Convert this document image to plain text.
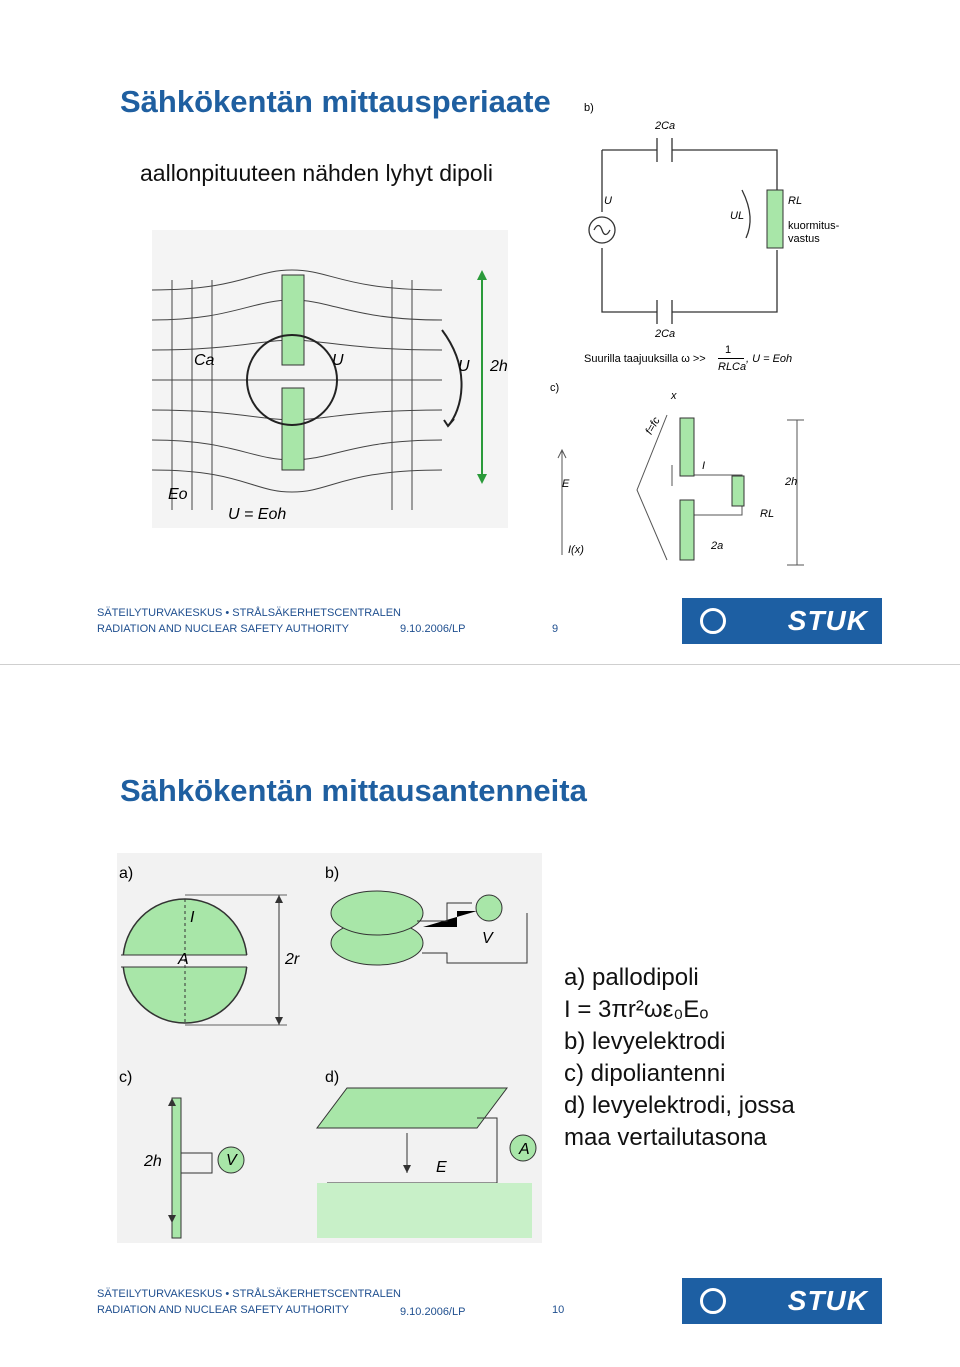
Sähkökentän mittausperiaate
aallonpituuteen nähden lyhyt dipoli
Ca	U	U 2h
Eo
U = Eoh
b)
2Ca
U
UL
RL
kuormitus-
vastus
2Ca
Suurilla taajuuksilla ω >>
1
RLCa
, U = Eoh
c)
x
f=fc
E
I
2h
RL
I(x)	2a
SÄTEILYTURVAKESKUS • STRÅLSÄKERHETSCENTRALEN
RADIATION AND NUCLEAR SAFETY AUTHORITY	9.10.2006/LP	9	STUK
Sähkökentän mittausantenneita
a)	b)
c)	d)
I
A	2r
V
2h	V	E
A
a) pallodipoli
I = 3πr²ωε₀Eₒ
b) levyelektrodi
c) dipoliantenni
d) levyelektrodi, jossa
maa vertailutasona
SÄTEILYTURVAKESKUS • STRÅLSÄKERHETSCENTRALEN
RADIATION AND NUCLEAR SAFETY AUTHORITY	9.10.2006/LP	10	STUK
